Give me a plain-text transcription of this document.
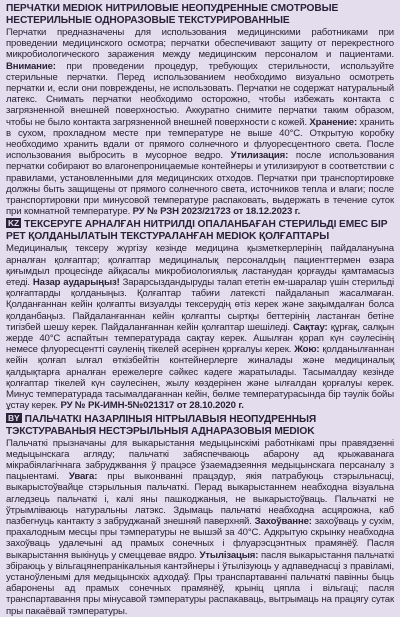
ПЕРЧАТКИ MEDIOK НИТРИЛОВЫЕ НЕОПУДРЕННЫЕ СМОТРОВЫЕ НЕСТЕРИЛЬНЫЕ ОДНОРАЗОВЫЕ ТЕКСТУРИРОВАННЫЕ

Перчатки предназначены для использования медицинскими работниками при проведении медицинского осмотра; перчатки обеспечивают защиту от перекрестного микробиологического заражения между медицинским персоналом и пациентами. Внимание: при проведении процедур, требующих стерильности, используйте стерильные перчатки. Перед использованием необходимо визуально осмотреть перчатки и, если они повреждены, не использовать. Перчатки не содержат натуральный латекс. Снимать перчатки необходимо осторожно, чтобы избежать контакта с загрязненной внешней поверхностью. Аккуратно снимите перчатки таким образом, чтобы не было контакта загрязненной внешней поверхности с кожей. Хранение: хранить в сухом, прохладном месте при температуре не выше 40°С. Открытую коробку необходимо хранить вдали от прямого солнечного и флуоресцентного света. После использования выбросить в мусорное ведро. Утилизация: после использования перчатки собирают во влагонепроницаемые контейнеры и утилизируют в соответствии с правилами, установленными для медицинских отходов. Перчатки при транспортировке должны быть защищены от прямого солнечного света, источников тепла и влаги; после транспортировки при минусовой температуре распаковать, выдержать в течение суток при комнатной температуре. РУ № РЗН 2023/21723 от 18.12.2023 г.

KZ ТЕКСЕРУГЕ АРНАЛҒАН НИТРИЛДІ ОПАЛАНБАҒАН СТЕРИЛЬДІ ЕМЕС БІР РЕТ ҚОЛДАНЫЛАТЫН ТЕКСТУРАЛАНҒАН MEDIOK ҚОЛҒАПТАРЫ

Медициналық тексеру жүргізу кезінде медицина қызметкерлерінің пайдалануына арналған қолғаптар; қолғаптар медициналық персоналдың пациенттермен өзара қиғымдыл процесінде айқасалы микробиологиялық ластанудан қорғауды қамтамасыз етеді. Назар аударыңыз! Зарарсыздандыруды талап ететін ем-шаралар үшін стерильді қолғаптарды қолданыңыз. Қолғаптар табиғи латексті пайдаланып жасалмаған. Қолданғаннан кейін қолғапты визуалды тексерудің өтіз керек және зақымдалған болса қолданбаңыз. Пайдаланғаннан кейін қолғапты сыртқы беттерінің ластанған бетіне тигізбей шешу керек. Пайдаланғаннан кейін қолғаптар шешіледі. Сақтау: құрғақ, салқын жерде 40°С аспайтын температурада сақтау керек. Ашылған қорап күн сәулесінің немесе флуоресцентті сәуленің тікелей әсерінен қорғалуы керек. Жою: қолданылғаннан кейін қолғап ылғал өткізбейтін контейнерлерге жиналады және медициналық қалдықтарға арналған ережелерге сәйкес кәдеге жаратылады. Тасымалдау кезінде қолғаптар тікелей күн сәулесінен, жылу көздерінен және ылғалдан қорғалуы керек. Минус температурада тасымалдағаннан кейін, бөлме температурасында бір тәулік бойы ұстау керек. РУ № РК-ИМН-5№021317 от 28.10.2020 г.

BY ПАЛЬЧАТКІ НАЗАРЛІНЫЯ НІТРЫЛАВЫЯ НЕОПУДРЕННЫЯ ТЭКСТУРАВАНЫЯ НЕСТЭРЫЛЬНЫЯ АДНАРАЗОВЫЯ MEDIOK

Пальчаткі прызначаны для выкарыстання медыцынскімі работнікамі пры правядзенні медыцынскага агляду; пальчаткі забяспечваюць абарону ад крыжаванага мікрабіялагічнага забруджвання ў працэсе ўзаемадзеяння медыцынскага персаналу з пацыентамі. Увага: пры выконванні працэдур, якія патрабуюць стэрыльнасці, выкарыстоўвайце стэрыльныя пальчаткі. Перад выкарыстаннем неабходна візуальна агледзець пальчаткі і, калі яны пашкоджаныя, не выкарыстоўваць. Пальчаткі не ўтрымліваюць натуральны латэкс. Здымаць пальчаткі неабходна асцярожна, каб пазбегнуць кантакту з забруджанай знешняй паверхняй. Захоўванне: захоўваць у сухім, прахалодным месцы пры тэмпературы не вышэй за 40°С. Адкрытую скрынку неабходна захоўваць удалечыні ад прамых сонечных і флуарэсцэнтных прамянёў. Пасля выкарыстання выкінуць у смеццевае вядро. Утылізацыя: пасля выкарыстання пальчаткі збіраюць у вільгацянепранікальныя кантэйнеры і ўтылізуюць у адпаведнасці з правіламі, устаноўленымі для медыцынскіх адходаў. Пры транспартаванні пальчаткі павінны быць абаронены ад прамых сонечных прамянёў, крыніц цяпла і вільгаці; пасля транспартавання пры мінусавой тэмпературы распакаваць, вытрымаць на працягу сутак пры пакаёвай тэмпературы.
